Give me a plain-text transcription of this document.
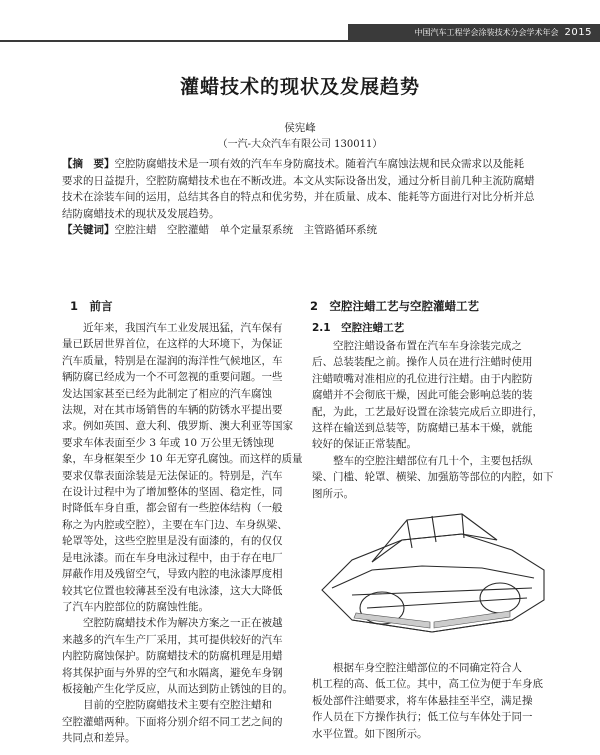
中国汽车工程学会涂装技术分会学术年会 2015
灌蜡技术的现状及发展趋势
侯宪峰
（一汽-大众汽车有限公司 130011）
【摘　要】空腔防腐蜡技术是一项有效的汽车车身防腐技术。随着汽车腐蚀法规和民众需求以及能耗
要求的日益提升，空腔防腐蜡技术也在不断改进。本文从实际设备出发，通过分析目前几种主流防腐蜡
技术在涂装车间的运用，总结其各自的特点和优劣势，并在质量、成本、能耗等方面进行对比分析并总
结防腐蜡技术的现状及发展趋势。
【关键词】空腔注蜡　空腔灌蜡　单个定量泵系统　主管路循环系统
1　前言
　　近年来，我国汽车工业发展迅猛，汽车保有
量已跃居世界首位，在这样的大环境下，为保证
汽车质量，特别是在湿润的海洋性气候地区，车
辆防腐已经成为一个不可忽视的重要问题。一些
发达国家甚至已经为此制定了相应的汽车腐蚀
法规，对在其市场销售的车辆的防锈水平提出要
求。例如英国、意大利、俄罗斯、澳大利亚等国家
要求车体表面至少 3 年或 10 万公里无锈蚀现
象，车身框架至少 10 年无穿孔腐蚀。而这样的质量
要求仅靠表面涂装是无法保证的。特别是，汽车
在设计过程中为了增加整体的坚固、稳定性，同
时降低车身自重，都会留有一些腔体结构（一般
称之为内腔或空腔），主要在车门边、车身纵梁、
轮罩等处，这些空腔里是没有面漆的，有的仅仅
是电泳漆。而在车身电泳过程中，由于存在电厂
屏蔽作用及残留空气，导致内腔的电泳漆厚度相
较其它位置也较薄甚至没有电泳漆，这大大降低
了汽车内腔部位的防腐蚀性能。
　　空腔防腐蜡技术作为解决方案之一正在被越
来越多的汽车生产厂采用，其可提供较好的汽车
内腔防腐蚀保护。防腐蜡技术的防腐机理是用蜡
将其保护面与外界的空气和水隔离，避免车身钢
板接触产生化学反应，从而达到防止锈蚀的目的。
　　目前的空腔防腐蜡技术主要有空腔注蜡和
空腔灌蜡两种。下面将分别介绍不同工艺之间的
共同点和差异。
2　空腔注蜡工艺与空腔灌蜡工艺
2.1　空腔注蜡工艺
　　空腔注蜡设备布置在汽车车身涂装完成之
后、总装装配之前。操作人员在进行注蜡时使用
注蜡喷嘴对准相应的孔位进行注蜡。由于内腔防
腐蜡并不会彻底干燥，因此可能会影响总装的装
配，为此，工艺最好设置在涂装完成后立即进行，
这样在输送到总装等，防腐蜡已基本干燥，就能
较好的保证正常装配。
　　整车的空腔注蜡部位有几十个，主要包括纵
梁、门槛、轮罩、横梁、加强筋等部位的内腔，如下
图所示。
　　根据车身空腔注蜡部位的不同确定符合人
机工程的高、低工位。其中，高工位为便于车身底
板处部件注蜡要求，将车体悬挂至半空，满足操
作人员在下方操作执行；低工位与车体处于同一
水平位置。如下图所示。
